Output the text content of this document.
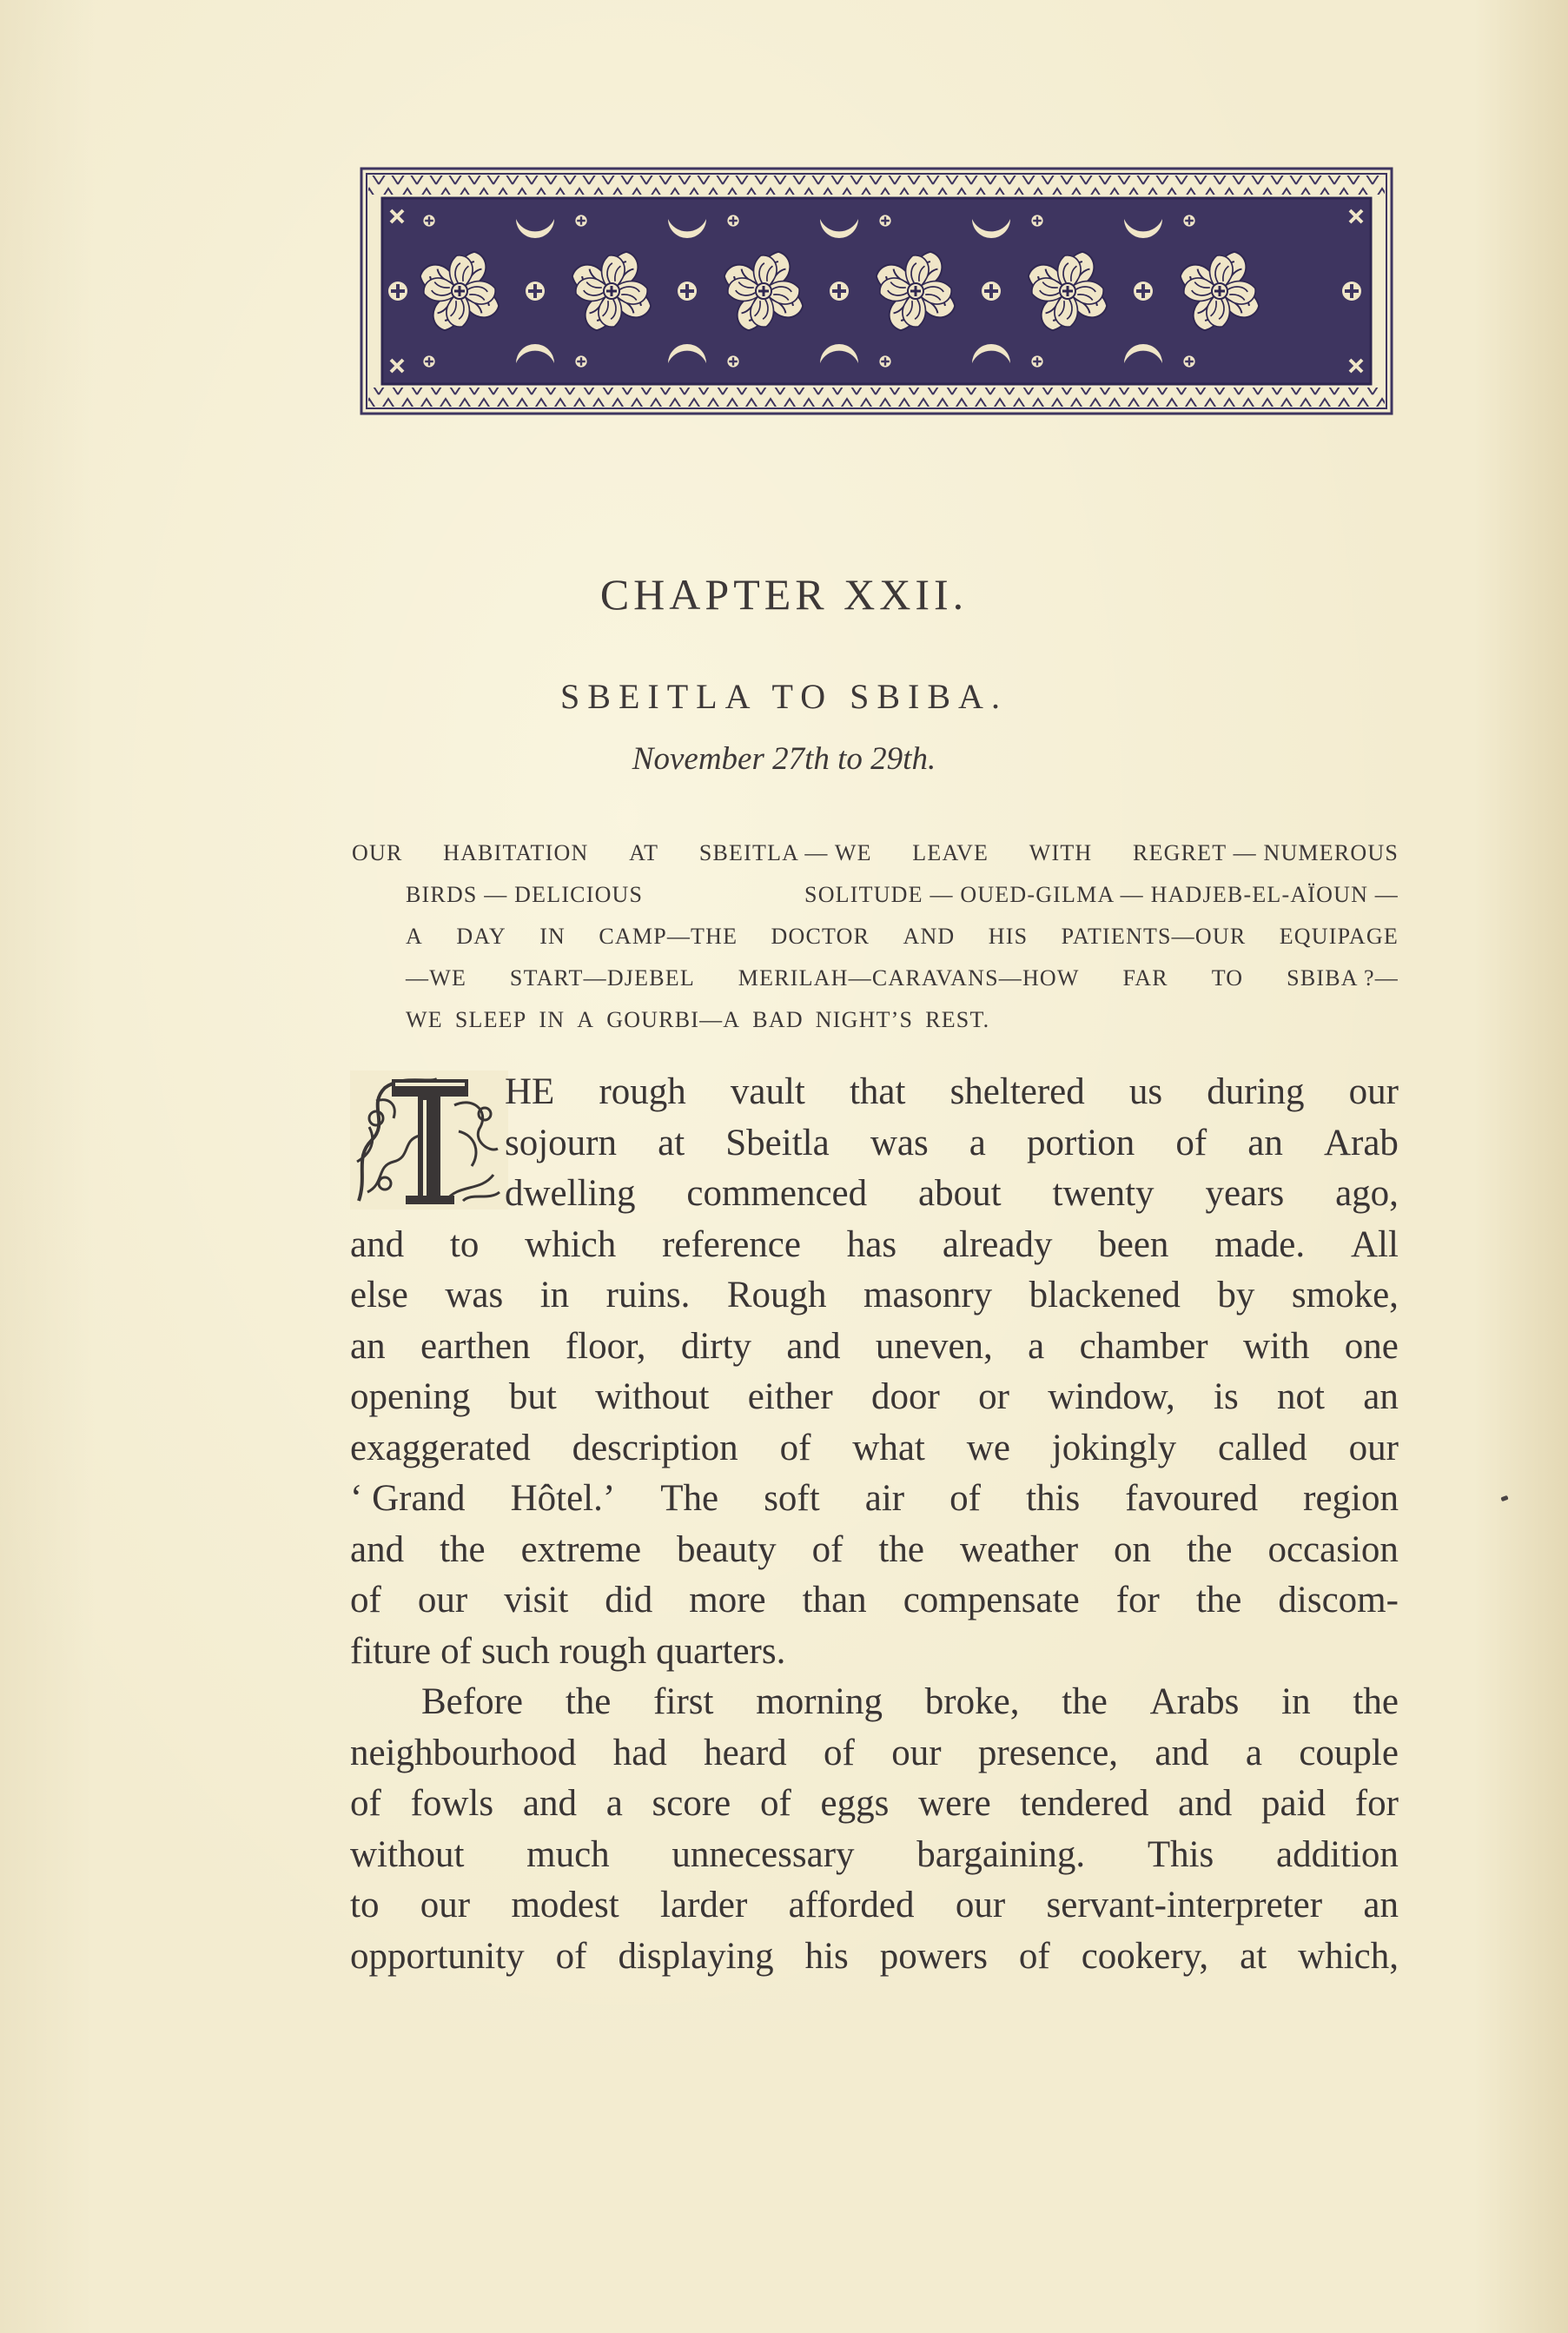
CHAPTER XXII.
SBEITLA TO SBIBA.
November 27th to 29th.
OUR HABITATION AT SBEITLA — WE LEAVE WITH REGRET — NUMEROUS
BIRDS — DELICIOUS	SOLITUDE — OUED-GILMA — HADJEB-EL-AÏOUN —
A DAY IN CAMP—THE DOCTOR AND HIS PATIENTS—OUR EQUIPAGE
—WE START—DJEBEL MERILAH—CARAVANS—HOW FAR TO SBIBA ?—
WE SLEEP IN A GOURBI—A BAD NIGHT’S REST.
HE rough vault that sheltered us during our
sojourn at Sbeitla was a portion of an Arab
dwelling commenced about twenty years ago,
and to which reference has already been made. All
else was in ruins. Rough masonry blackened by smoke,
an earthen floor, dirty and uneven, a chamber with one
opening but without either door or window, is not an
exaggerated description of what we jokingly called our
‘ Grand Hôtel.’ The soft air of this favoured region
and the extreme beauty of the weather on the occasion
of our visit did more than compensate for the discom-
fiture of such rough quarters.
Before the first morning broke, the Arabs in the
neighbourhood had heard of our presence, and a couple
of fowls and a score of eggs were tendered and paid for
without much unnecessary bargaining. This addition
to our modest larder afforded our servant-interpreter an
opportunity of displaying his powers of cookery, at which,
